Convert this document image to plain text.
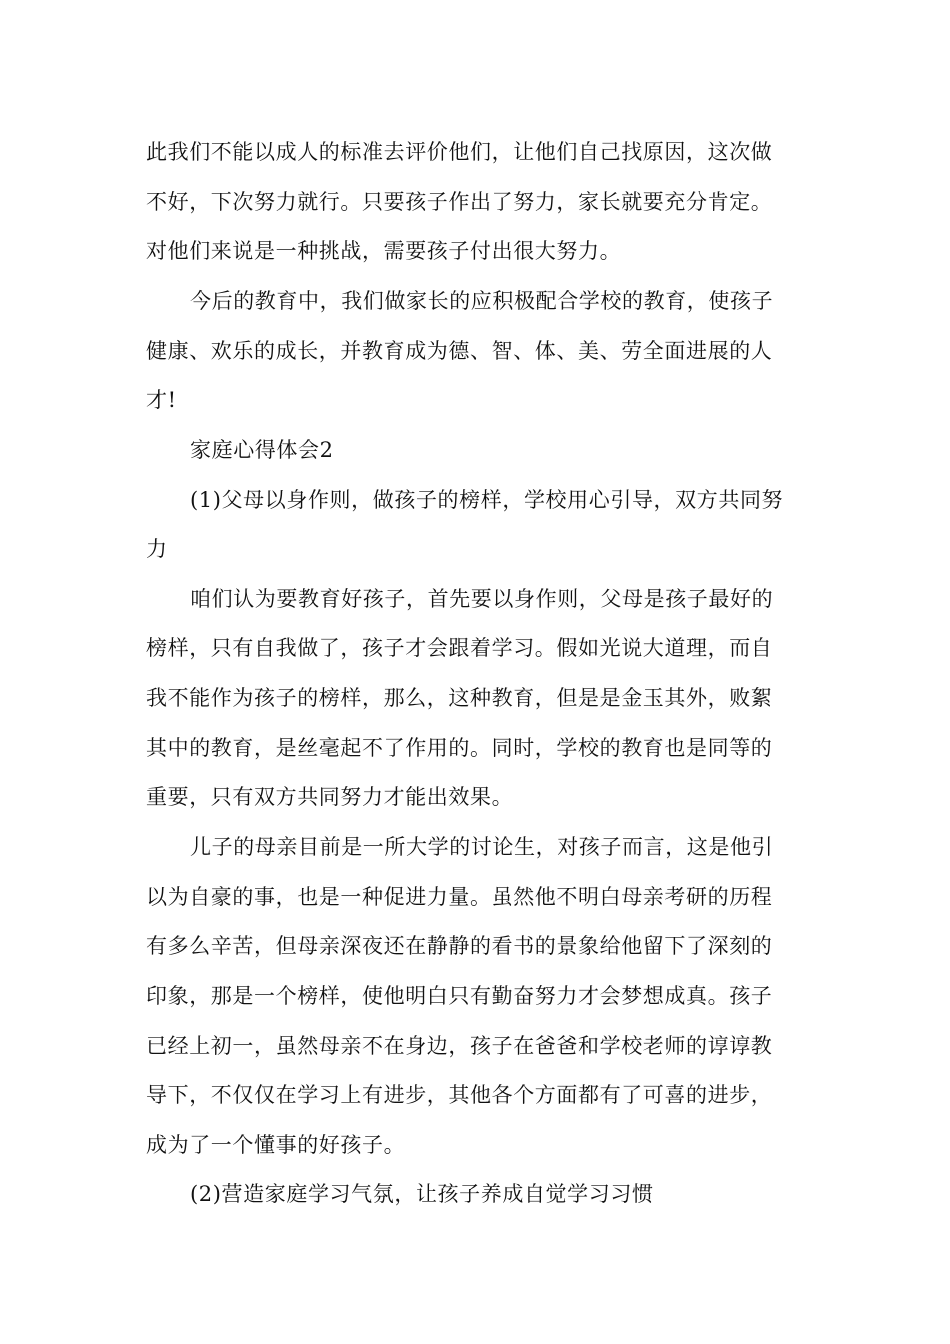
此我们不能以成人的标准去评价他们，让他们自己找原因，这次做
不好，下次努力就行。只要孩子作出了努力，家长就要充分肯定。
对他们来说是一种挑战，需要孩子付出很大努力。
今后的教育中，我们做家长的应积极配合学校的教育，使孩子
健康、欢乐的成长，并教育成为德、智、体、美、劳全面进展的人
才!
家庭心得体会2
(1)父母以身作则，做孩子的榜样，学校用心引导，双方共同努
力
咱们认为要教育好孩子，首先要以身作则，父母是孩子最好的
榜样，只有自我做了，孩子才会跟着学习。假如光说大道理，而自
我不能作为孩子的榜样，那么，这种教育，但是是金玉其外，败絮
其中的教育，是丝毫起不了作用的。同时，学校的教育也是同等的
重要，只有双方共同努力才能出效果。
儿子的母亲目前是一所大学的讨论生，对孩子而言，这是他引
以为自豪的事，也是一种促进力量。虽然他不明白母亲考研的历程
有多么辛苦，但母亲深夜还在静静的看书的景象给他留下了深刻的
印象，那是一个榜样，使他明白只有勤奋努力才会梦想成真。孩子
已经上初一，虽然母亲不在身边，孩子在爸爸和学校老师的谆谆教
导下，不仅仅在学习上有进步，其他各个方面都有了可喜的进步，
成为了一个懂事的好孩子。
(2)营造家庭学习气氛，让孩子养成自觉学习习惯
